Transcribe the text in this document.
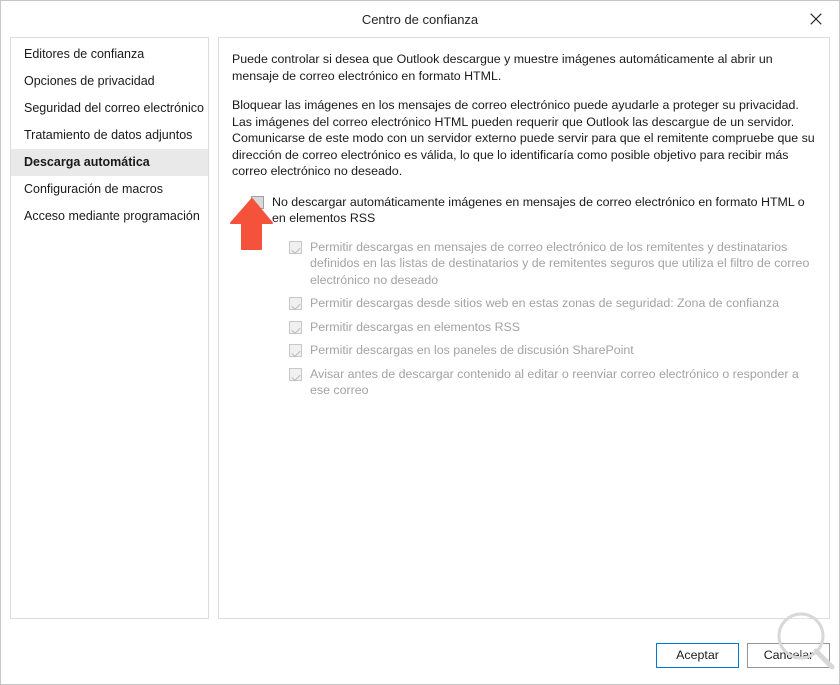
Centro de confianza
Editores de confianza
Opciones de privacidad
Seguridad del correo electrónico
Tratamiento de datos adjuntos
Descarga automática
Configuración de macros
Acceso mediante programación

Puede controlar si desea que Outlook descargue y muestre imágenes automáticamente al abrir un mensaje de correo electrónico en formato HTML.

Bloquear las imágenes en los mensajes de correo electrónico puede ayudarle a proteger su privacidad. Las imágenes del correo electrónico HTML pueden requerir que Outlook las descargue de un servidor. Comunicarse de este modo con un servidor externo puede servir para que el remitente compruebe que su dirección de correo electrónico es válida, lo que lo identificaría como posible objetivo para recibir más correo electrónico no deseado.

No descargar automáticamente imágenes en mensajes de correo electrónico en formato HTML o en elementos RSS
Permitir descargas en mensajes de correo electrónico de los remitentes y destinatarios definidos en las listas de destinatarios y de remitentes seguros que utiliza el filtro de correo electrónico no deseado
Permitir descargas desde sitios web en estas zonas de seguridad: Zona de confianza
Permitir descargas en elementos RSS
Permitir descargas en los paneles de discusión SharePoint
Avisar antes de descargar contenido al editar o reenviar correo electrónico o responder a ese correo
Aceptar	Cancelar
